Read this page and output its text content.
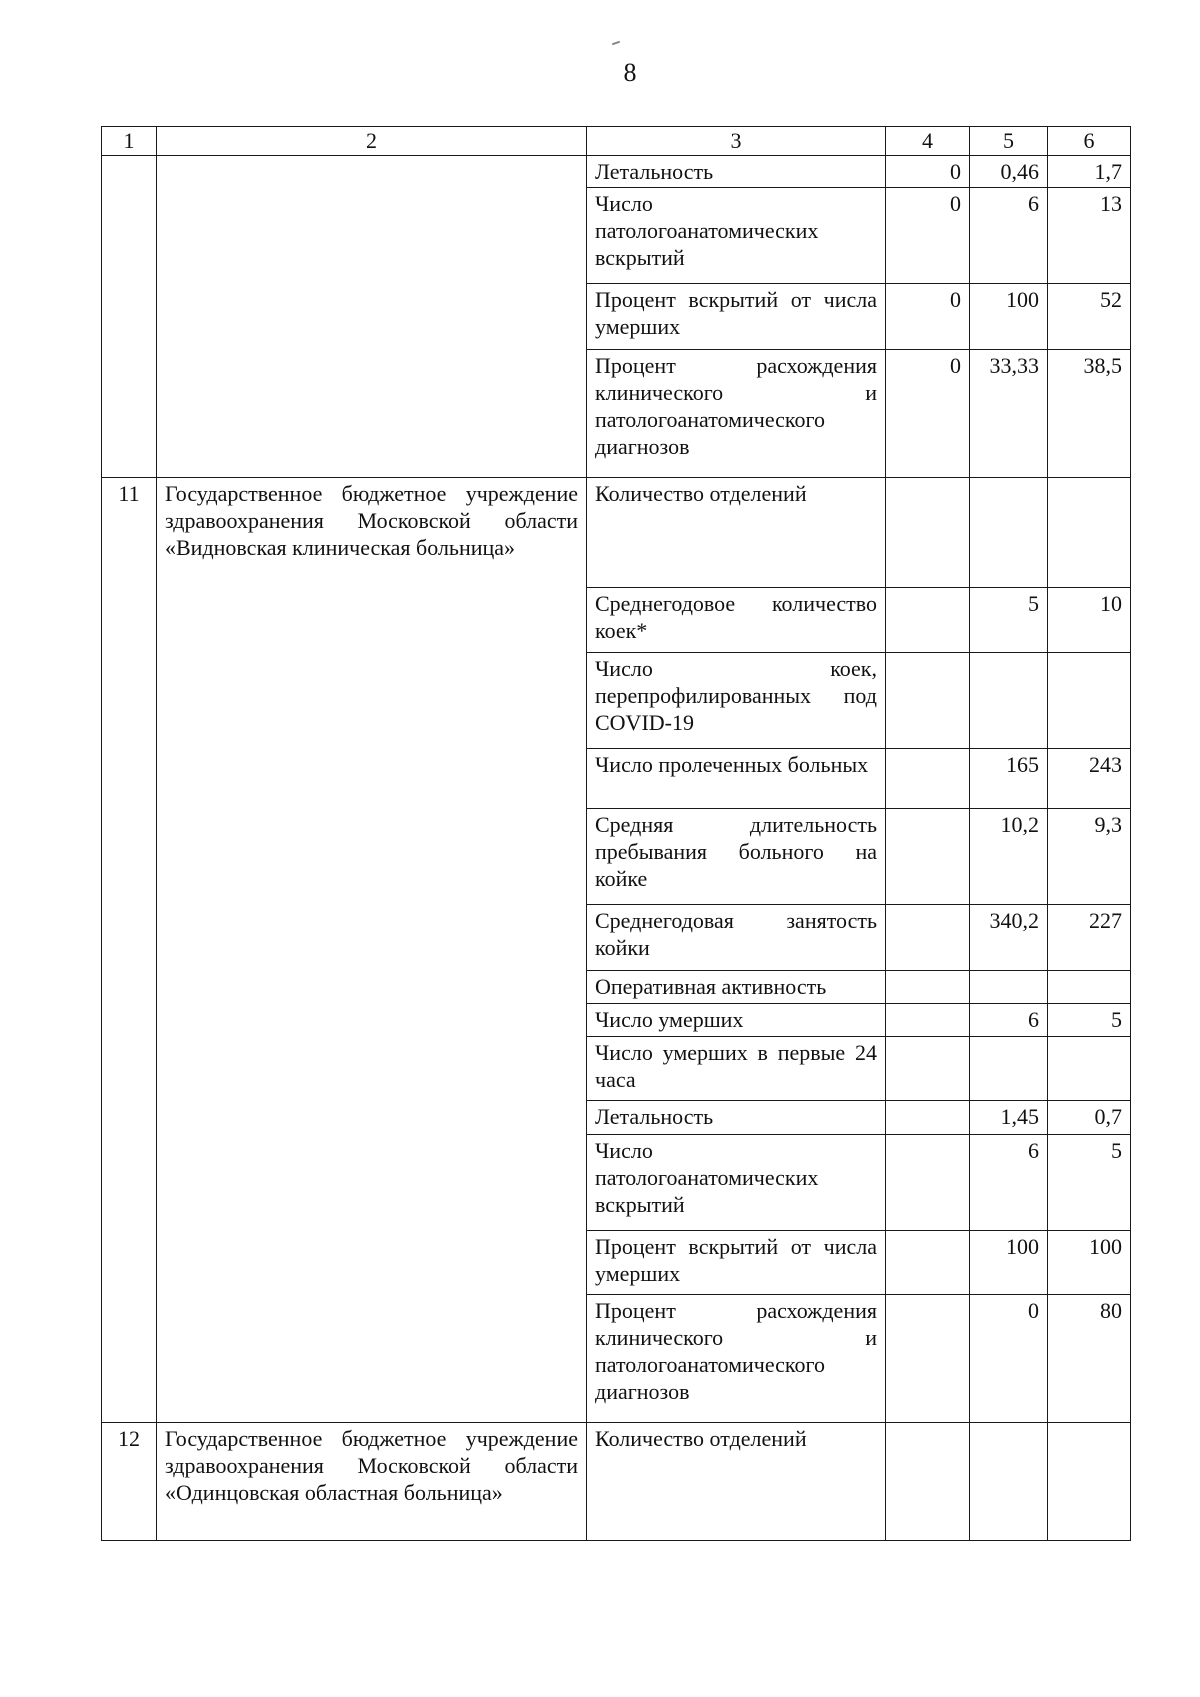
8
1	2	3	4	5	6
		Летальность	0	0,46	1,7
		Число патологоанатомических вскрытий	0	6	13
		Процент вскрытий от числа умерших	0	100	52
		Процент расхождения клинического и патологоанатомического диагнозов	0	33,33	38,5
11	Государственное бюджетное учреждение здравоохранения Московской области «Видновская клиническая больница»	Количество отделений			
		Среднегодовое количество коек*		5	10
		Число коек, перепрофилированных под COVID-19			
		Число пролеченных больных		165	243
		Средняя длительность пребывания больного на койке		10,2	9,3
		Среднегодовая занятость койки		340,2	227
		Оперативная активность			
		Число умерших		6	5
		Число умерших в первые 24 часа			
		Летальность		1,45	0,7
		Число патологоанатомических вскрытий		6	5
		Процент вскрытий от числа умерших		100	100
		Процент расхождения клинического и патологоанатомического диагнозов		0	80
12	Государственное бюджетное учреждение здравоохранения Московской области «Одинцовская областная больница»	Количество отделений			
